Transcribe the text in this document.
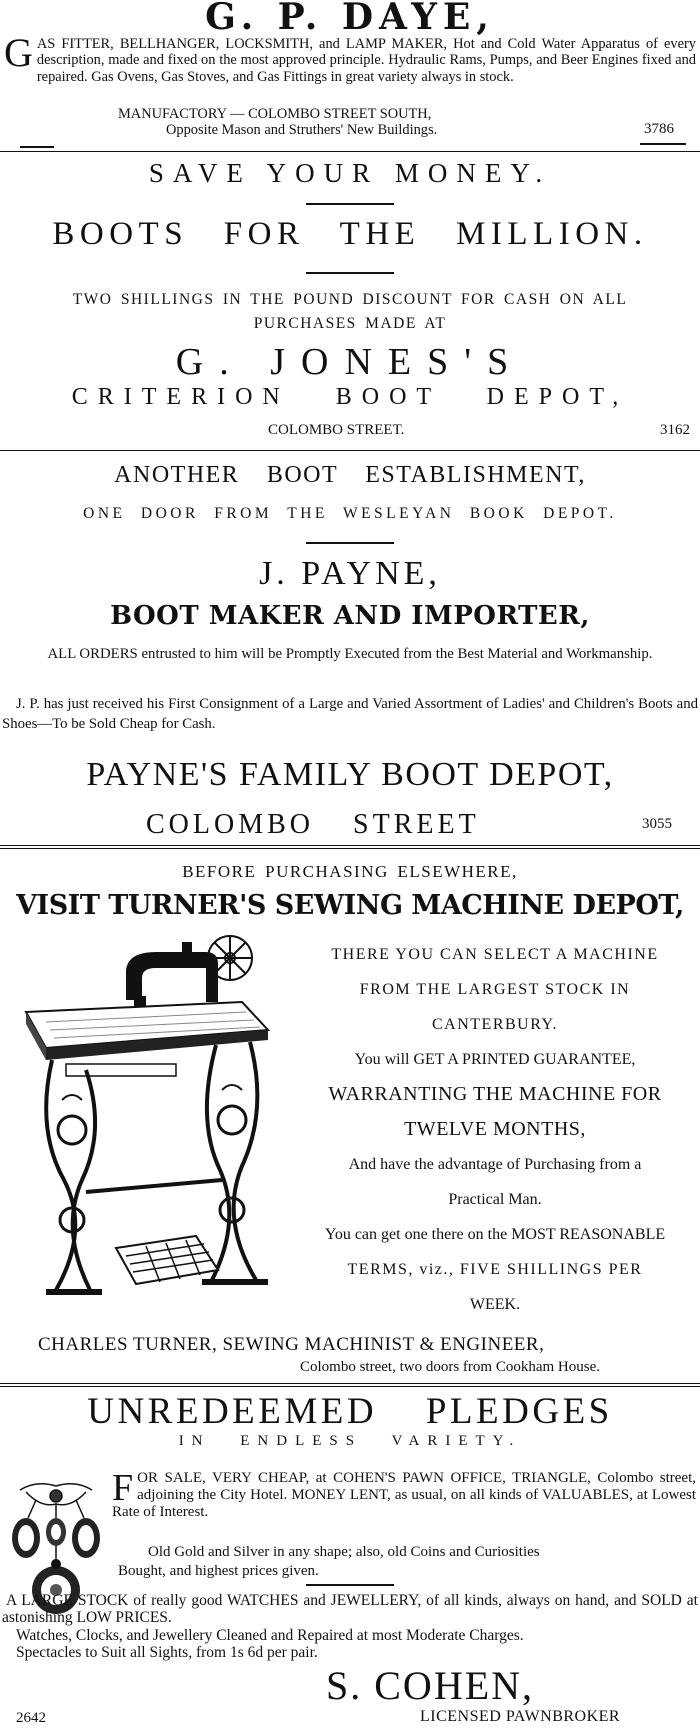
G. P. DAYE,
G AS FITTER, BELLHANGER, LOCKSMITH, and LAMP MAKER, Hot and Cold Water Apparatus of every description, made and fixed on the most approved principle. Hydraulic Rams, Pumps, and Beer Engines fixed and repaired. Gas Ovens, Gas Stoves, and Gas Fittings in great variety always in stock.
MANUFACTORY — COLOMBO STREET SOUTH,
Opposite Mason and Struthers' New Buildings.	3786
SAVE YOUR MONEY.
BOOTS FOR THE MILLION.

TWO SHILLINGS IN THE POUND DISCOUNT FOR CASH ON ALL

PURCHASES MADE AT

G. JONES'S
CRITERION BOOT DEPOT,
COLOMBO STREET.	3162
ANOTHER BOOT ESTABLISHMENT,
ONE DOOR FROM THE WESLEYAN BOOK DEPOT.
J. PAYNE,
BOOT MAKER AND IMPORTER,
ALL ORDERS entrusted to him will be Promptly Executed from the Best Material and Workmanship.
J. P. has just received his First Consignment of a Large and Varied Assortment of Ladies' and Children's Boots and Shoes—To be Sold Cheap for Cash.
PAYNE'S FAMILY BOOT DEPOT,
COLOMBO STREET	3055
BEFORE PURCHASING ELSEWHERE,
VISIT TURNER'S SEWING MACHINE DEPOT,

THERE YOU CAN SELECT A MACHINE

FROM THE LARGEST STOCK IN

CANTERBURY.

You will GET A PRINTED GUARANTEE,

WARRANTING THE MACHINE FOR

TWELVE MONTHS,

And have the advantage of Purchasing from a

Practical Man.

You can get one there on the MOST REASONABLE

TERMS, viz., FIVE SHILLINGS PER

WEEK.

CHARLES TURNER, SEWING MACHINIST & ENGINEER,
Colombo street, two doors from Cookham House.
UNREDEEMED PLEDGES
IN ENDLESS VARIETY.
F OR SALE, VERY CHEAP, at COHEN'S PAWN OFFICE, TRIANGLE, Colombo street, adjoining the City Hotel. MONEY LENT, as usual, on all kinds of VALUABLES, at Lowest Rate of Interest.
Old Gold and Silver in any shape; also, old Coins and Curiosities
Bought, and highest prices given.
A LARGE STOCK of really good WATCHES and JEWELLERY, of all kinds, always on hand, and SOLD at astonishing LOW PRICES.

Watches, Clocks, and Jewellery Cleaned and Repaired at most Moderate Charges.

Spectacles to Suit all Sights, from 1s 6d per pair.

S. COHEN,
LICENSED PAWNBROKER
2642
